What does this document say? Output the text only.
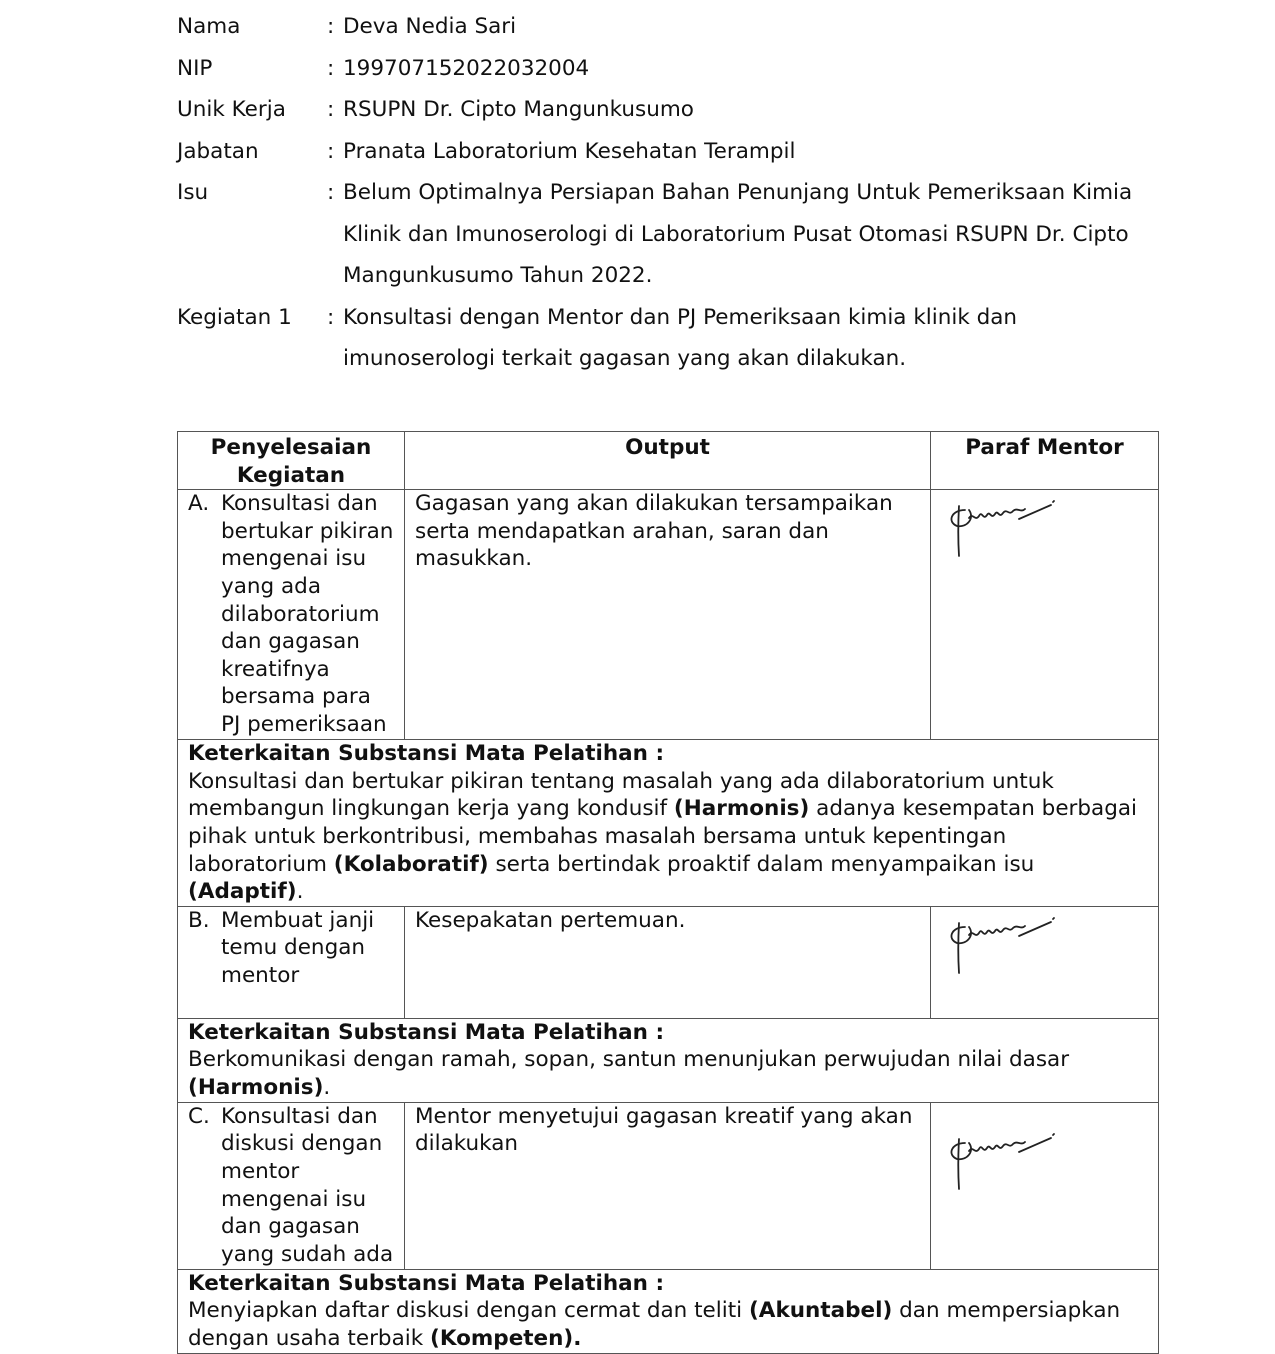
Nama	: Deva Nedia Sari
NIP	: 199707152022032004
Unik Kerja	: RSUPN Dr. Cipto Mangunkusumo
Jabatan	: Pranata Laboratorium Kesehatan Terampil
Isu	: Belum Optimalnya Persiapan Bahan Penunjang Untuk Pemeriksaan Kimia Klinik dan Imunoserologi di Laboratorium Pusat Otomasi RSUPN Dr. Cipto Mangunkusumo Tahun 2022.
Kegiatan 1	: Konsultasi dengan Mentor dan PJ Pemeriksaan kimia klinik dan imunoserologi terkait gagasan yang akan dilakukan.
Penyelesaian Kegiatan	Output	Paraf Mentor

A. Konsultasi dan bertukar pikiran mengenai isu yang ada dilaboratorium dan gagasan kreatifnya bersama para PJ pemeriksaan	Gagasan yang akan dilakukan tersampaikan serta mendapatkan arahan, saran dan masukkan.	

Keterkaitan Substansi Mata Pelatihan :
Konsultasi dan bertukar pikiran tentang masalah yang ada dilaboratorium untuk membangun lingkungan kerja yang kondusif (Harmonis) adanya kesempatan berbagai pihak untuk berkontribusi, membahas masalah bersama untuk kepentingan laboratorium (Kolaboratif) serta bertindak proaktif dalam menyampaikan isu (Adaptif).		

B. Membuat janji temu dengan mentor	Kesepakatan pertemuan.	

Keterkaitan Substansi Mata Pelatihan :
Berkomunikasi dengan ramah, sopan, santun menunjukan perwujudan nilai dasar (Harmonis).		

C. Konsultasi dan diskusi dengan mentor mengenai isu dan gagasan yang sudah ada	Mentor menyetujui gagasan kreatif yang akan dilakukan	

Keterkaitan Substansi Mata Pelatihan :
Menyiapkan daftar diskusi dengan cermat dan teliti (Akuntabel) dan mempersiapkan dengan usaha terbaik (Kompeten).		
